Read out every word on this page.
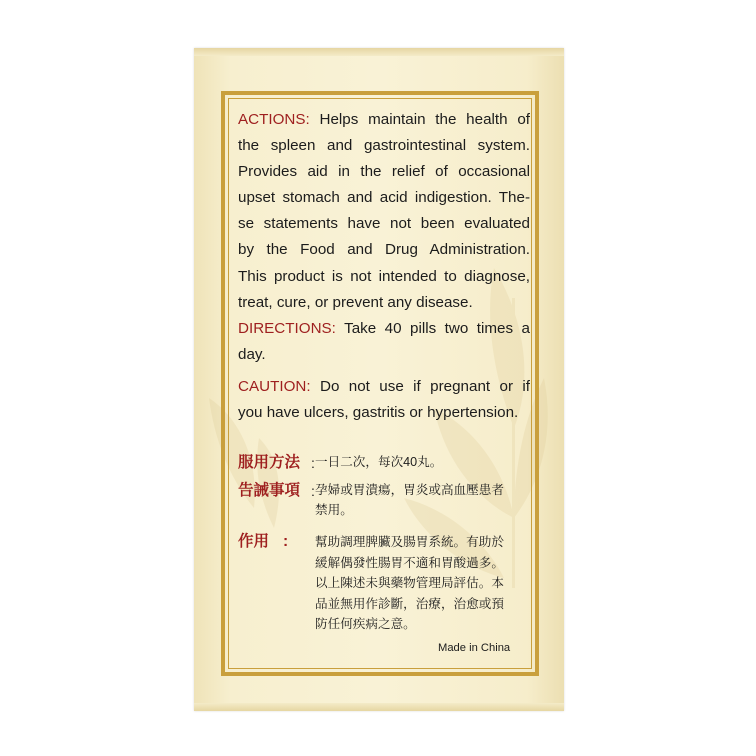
ACTIONS: Helps maintain the health of
the spleen and gastrointestinal system.
Provides aid in the relief of occasional
upset stomach and acid indigestion. The-
se statements have not been evaluated
by the Food and Drug Administration.
This product is not intended to diagnose,
treat, cure, or prevent any disease.
DIRECTIONS: Take 40 pills two times a
day.
CAUTION: Do not use if pregnant or if
you have ulcers, gastritis or hypertension.
服用方法 : 一日二次，每次40丸。
告誡事項 : 孕婦或胃潰瘍，胃炎或高血壓患者
禁用。
作用 :	幫助調理脾臟及腸胃系統。有助於
緩解偶發性腸胃不適和胃酸過多。
以上陳述未與藥物管理局評估。本
品並無用作診斷，治療，治愈或預
防任何疾病之意。
Made in China
